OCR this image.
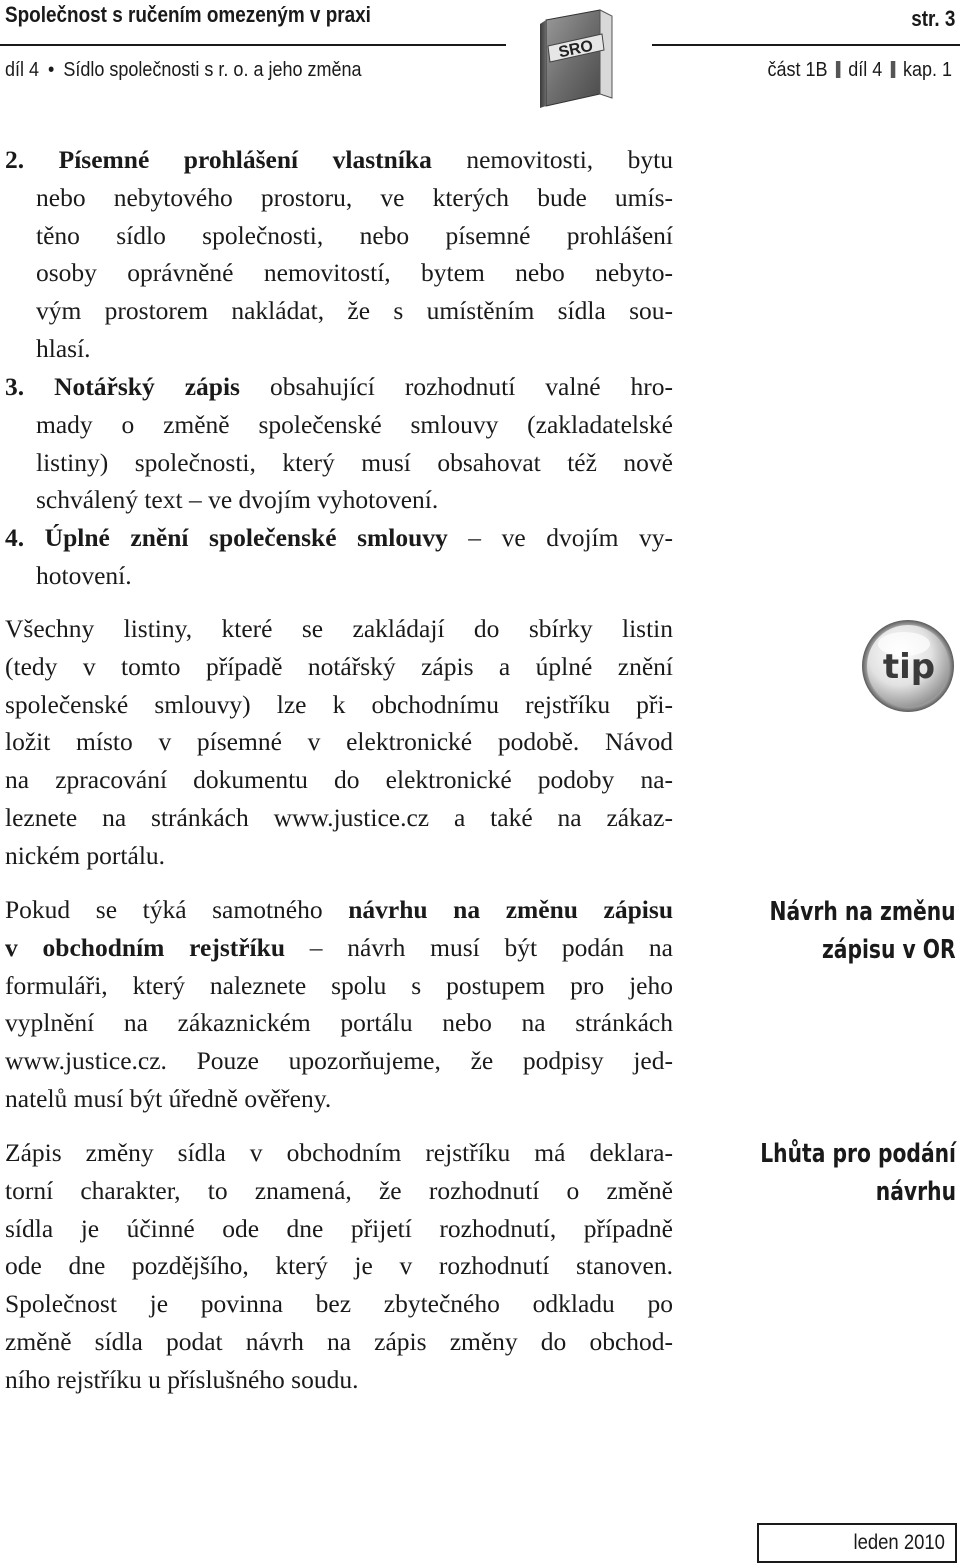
Společnost s ručením omezeným v praxi	str. 3
díl 4 • Sídlo společnosti s r. o. a jeho změna	část 1B díl 4 kap. 1
SRO
2. Písemné prohlášení vlastníka nemovitosti, bytu
nebo nebytového prostoru, ve kterých bude umís-
těno sídlo společnosti, nebo písemné prohlášení
osoby oprávněné nemovitostí, bytem nebo nebyto-
vým prostorem nakládat, že s umístěním sídla sou-
hlasí.
3. Notářský zápis obsahující rozhodnutí valné hro-
mady o změně společenské smlouvy (zakladatelské
listiny) společnosti, který musí obsahovat též nově
schválený text – ve dvojím vyhotovení.
4. Úplné znění společenské smlouvy – ve dvojím vy-
hotovení.
Všechny listiny, které se zakládají do sbírky listin
(tedy v tomto případě notářský zápis a úplné znění
společenské smlouvy) lze k obchodnímu rejstříku při-
ložit místo v písemné v elektronické podobě. Návod
na zpracování dokumentu do elektronické podoby na-
leznete na stránkách www.justice.cz a také na zákaz-
nickém portálu.
tip
Pokud se týká samotného návrhu na změnu zápisu
v obchodním rejstříku – návrh musí být podán na
formuláři, který naleznete spolu s postupem pro jeho
vyplnění na zákaznickém portálu nebo na stránkách
www.justice.cz. Pouze upozorňujeme, že podpisy jed-
natelů musí být úředně ověřeny.
Návrh na změnu
zápisu v OR
Zápis změny sídla v obchodním rejstříku má deklara-
torní charakter, to znamená, že rozhodnutí o změně
sídla je účinné ode dne přijetí rozhodnutí, případně
ode dne pozdějšího, který je v rozhodnutí stanoven.
Společnost je povinna bez zbytečného odkladu po
změně sídla podat návrh na zápis změny do obchod-
ního rejstříku u příslušného soudu.
Lhůta pro podání
návrhu
leden 2010
